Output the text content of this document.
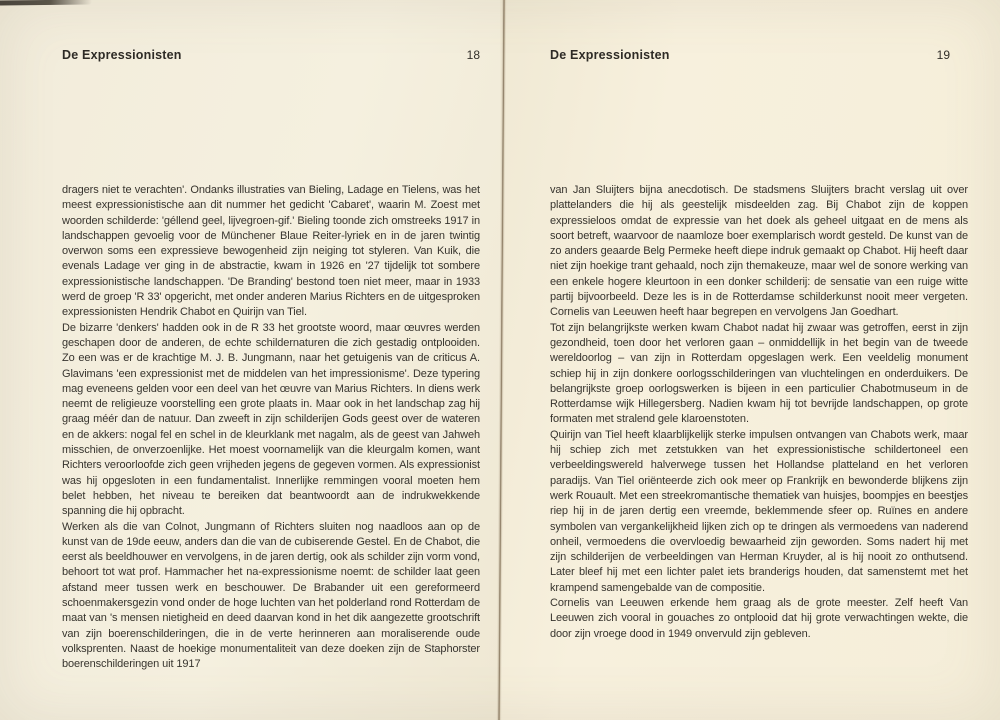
De Expressionisten	18

dragers niet te verachten'. Ondanks illustraties van Bieling, Ladage en Tielens, was het meest expressionistische aan dit nummer het gedicht 'Cabaret', waarin M. Zoest met woorden schilderde: 'géllend geel, lijvegroen-gif.' Bieling toonde zich omstreeks 1917 in landschappen gevoelig voor de Münchener Blaue Reiter-lyriek en in de jaren twintig overwon soms een expressieve bewogenheid zijn neiging tot styleren. Van Kuik, die evenals Ladage ver ging in de abstractie, kwam in 1926 en '27 tijdelijk tot sombere expressionistische landschappen. 'De Branding' bestond toen niet meer, maar in 1933 werd de groep 'R 33' opgericht, met onder anderen Marius Richters en de uitgesproken expressionisten Hendrik Chabot en Quirijn van Tiel.

De bizarre 'denkers' hadden ook in de R 33 het grootste woord, maar œuvres werden geschapen door de anderen, de echte schildernaturen die zich gestadig ontplooiden. Zo een was er de krachtige M. J. B. Jungmann, naar het getuigenis van de criticus A. Glavimans 'een expressionist met de middelen van het impressionisme'. Deze typering mag eveneens gelden voor een deel van het œuvre van Marius Richters. In diens werk neemt de religieuze voorstelling een grote plaats in. Maar ook in het landschap zag hij graag méér dan de natuur. Dan zweeft in zijn schilderijen Gods geest over de wateren en de akkers: nogal fel en schel in de kleurklank met nagalm, als de geest van Jahweh misschien, de onverzoenlijke. Het moest voornamelijk van die kleurgalm komen, want Richters veroorloofde zich geen vrijheden jegens de gegeven vormen. Als expressionist was hij opgesloten in een fundamentalist. Innerlijke remmingen vooral moeten hem belet hebben, het niveau te bereiken dat beantwoordt aan de indrukwekkende spanning die hij opbracht.

Werken als die van Colnot, Jungmann of Richters sluiten nog naadloos aan op de kunst van de 19de eeuw, anders dan die van de cubiserende Gestel. En de Chabot, die eerst als beeldhouwer en vervolgens, in de jaren dertig, ook als schilder zijn vorm vond, behoort tot wat prof. Hammacher het na-expressionisme noemt: de schilder laat geen afstand meer tussen werk en beschouwer. De Brabander uit een gereformeerd schoenmakersgezin vond onder de hoge luchten van het polderland rond Rotterdam de maat van 's mensen nietigheid en deed daarvan kond in het dik aangezette grootschrift van zijn boerenschilderingen, die in de verte herinneren aan moraliserende oude volksprenten. Naast de hoekige monumentaliteit van deze doeken zijn de Staphorster boerenschilderingen uit 1917

De Expressionisten	19

van Jan Sluijters bijna anecdotisch. De stadsmens Sluijters bracht verslag uit over plattelanders die hij als geestelijk misdeelden zag. Bij Chabot zijn de koppen expressieloos omdat de expressie van het doek als geheel uitgaat en de mens als soort betreft, waarvoor de naamloze boer exemplarisch wordt gesteld. De kunst van de zo anders geaarde Belg Permeke heeft diepe indruk gemaakt op Chabot. Hij heeft daar niet zijn hoekige trant gehaald, noch zijn themakeuze, maar wel de sonore werking van een enkele hogere kleurtoon in een donker schilderij: de sensatie van een ruige witte partij bijvoorbeeld. Deze les is in de Rotterdamse schilderkunst nooit meer vergeten. Cornelis van Leeuwen heeft haar begrepen en vervolgens Jan Goedhart.

Tot zijn belangrijkste werken kwam Chabot nadat hij zwaar was getroffen, eerst in zijn gezondheid, toen door het verloren gaan – onmiddellijk in het begin van de tweede wereldoorlog – van zijn in Rotterdam opgeslagen werk. Een veeldelig monument schiep hij in zijn donkere oorlogsschilderingen van vluchtelingen en onderduikers. De belangrijkste groep oorlogswerken is bijeen in een particulier Chabotmuseum in de Rotterdamse wijk Hillegersberg. Nadien kwam hij tot bevrijde landschappen, op grote formaten met stralend gele klaroenstoten.

Quirijn van Tiel heeft klaarblijkelijk sterke impulsen ontvangen van Chabots werk, maar hij schiep zich met zetstukken van het expressionistische schildertoneel een verbeeldingswereld halverwege tussen het Hollandse platteland en het verloren paradijs. Van Tiel oriënteerde zich ook meer op Frankrijk en bewonderde blijkens zijn werk Rouault. Met een streekromantische thematiek van huisjes, boompjes en beestjes riep hij in de jaren dertig een vreemde, beklemmende sfeer op. Ruïnes en andere symbolen van vergankelijkheid lijken zich op te dringen als vermoedens van naderend onheil, vermoedens die overvloedig bewaarheid zijn geworden. Soms nadert hij met zijn schilderijen de verbeeldingen van Herman Kruyder, al is hij nooit zo onthutsend. Later bleef hij met een lichter palet iets branderigs houden, dat samenstemt met het krampend samengebalde van de compositie.

Cornelis van Leeuwen erkende hem graag als de grote meester. Zelf heeft Van Leeuwen zich vooral in gouaches zo ontplooid dat hij grote verwachtingen wekte, die door zijn vroege dood in 1949 onvervuld zijn gebleven.
